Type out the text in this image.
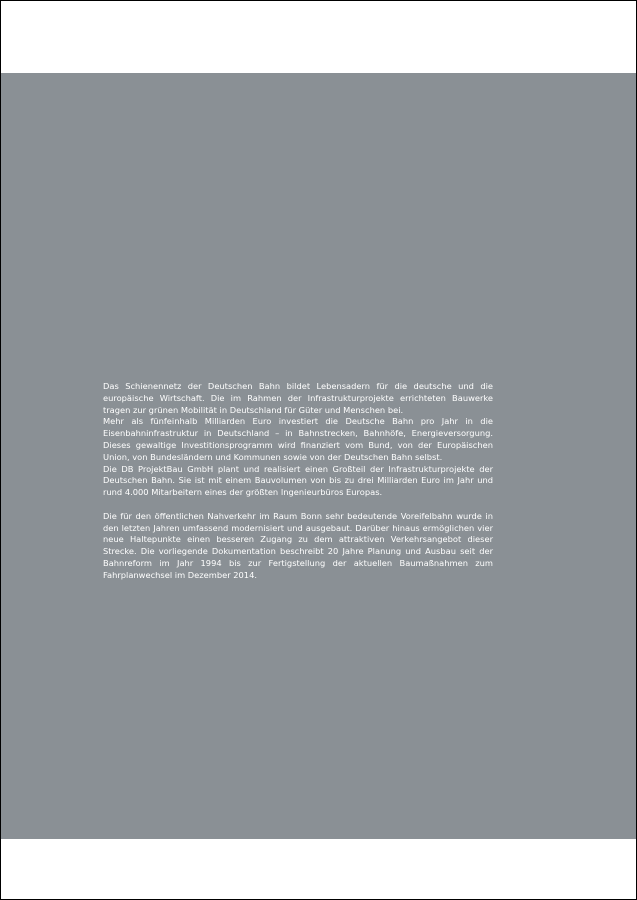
Das Schienennetz der Deutschen Bahn bildet Lebensadern für die deutsche und die europäische Wirtschaft. Die im Rahmen der Infrastrukturprojekte errichteten Bauwerke tragen zur grünen Mobilität in Deutschland für Güter und Menschen bei.

Mehr als fünfeinhalb Milliarden Euro investiert die Deutsche Bahn pro Jahr in die Eisenbahninfrastruktur in Deutschland – in Bahnstrecken, Bahnhöfe, Energieversorgung. Dieses gewaltige Investitionsprogramm wird finanziert vom Bund, von der Europäischen Union, von Bundesländern und Kommunen sowie von der Deutschen Bahn selbst.

Die DB ProjektBau GmbH plant und realisiert einen Großteil der Infrastrukturprojekte der Deutschen Bahn. Sie ist mit einem Bauvolumen von bis zu drei Milliarden Euro im Jahr und rund 4.000 Mitarbeitern eines der größten Ingenieurbüros Europas.

Die für den öffentlichen Nahverkehr im Raum Bonn sehr bedeutende Voreifelbahn wurde in den letzten Jahren umfassend modernisiert und ausgebaut. Darüber hinaus ermöglichen vier neue Haltepunkte einen besseren Zugang zu dem attraktiven Verkehrsangebot dieser Strecke. Die vorliegende Dokumentation beschreibt 20 Jahre Planung und Ausbau seit der Bahnreform im Jahr 1994 bis zur Fertigstellung der aktuellen Baumaßnahmen zum Fahrplanwechsel im Dezember 2014.
